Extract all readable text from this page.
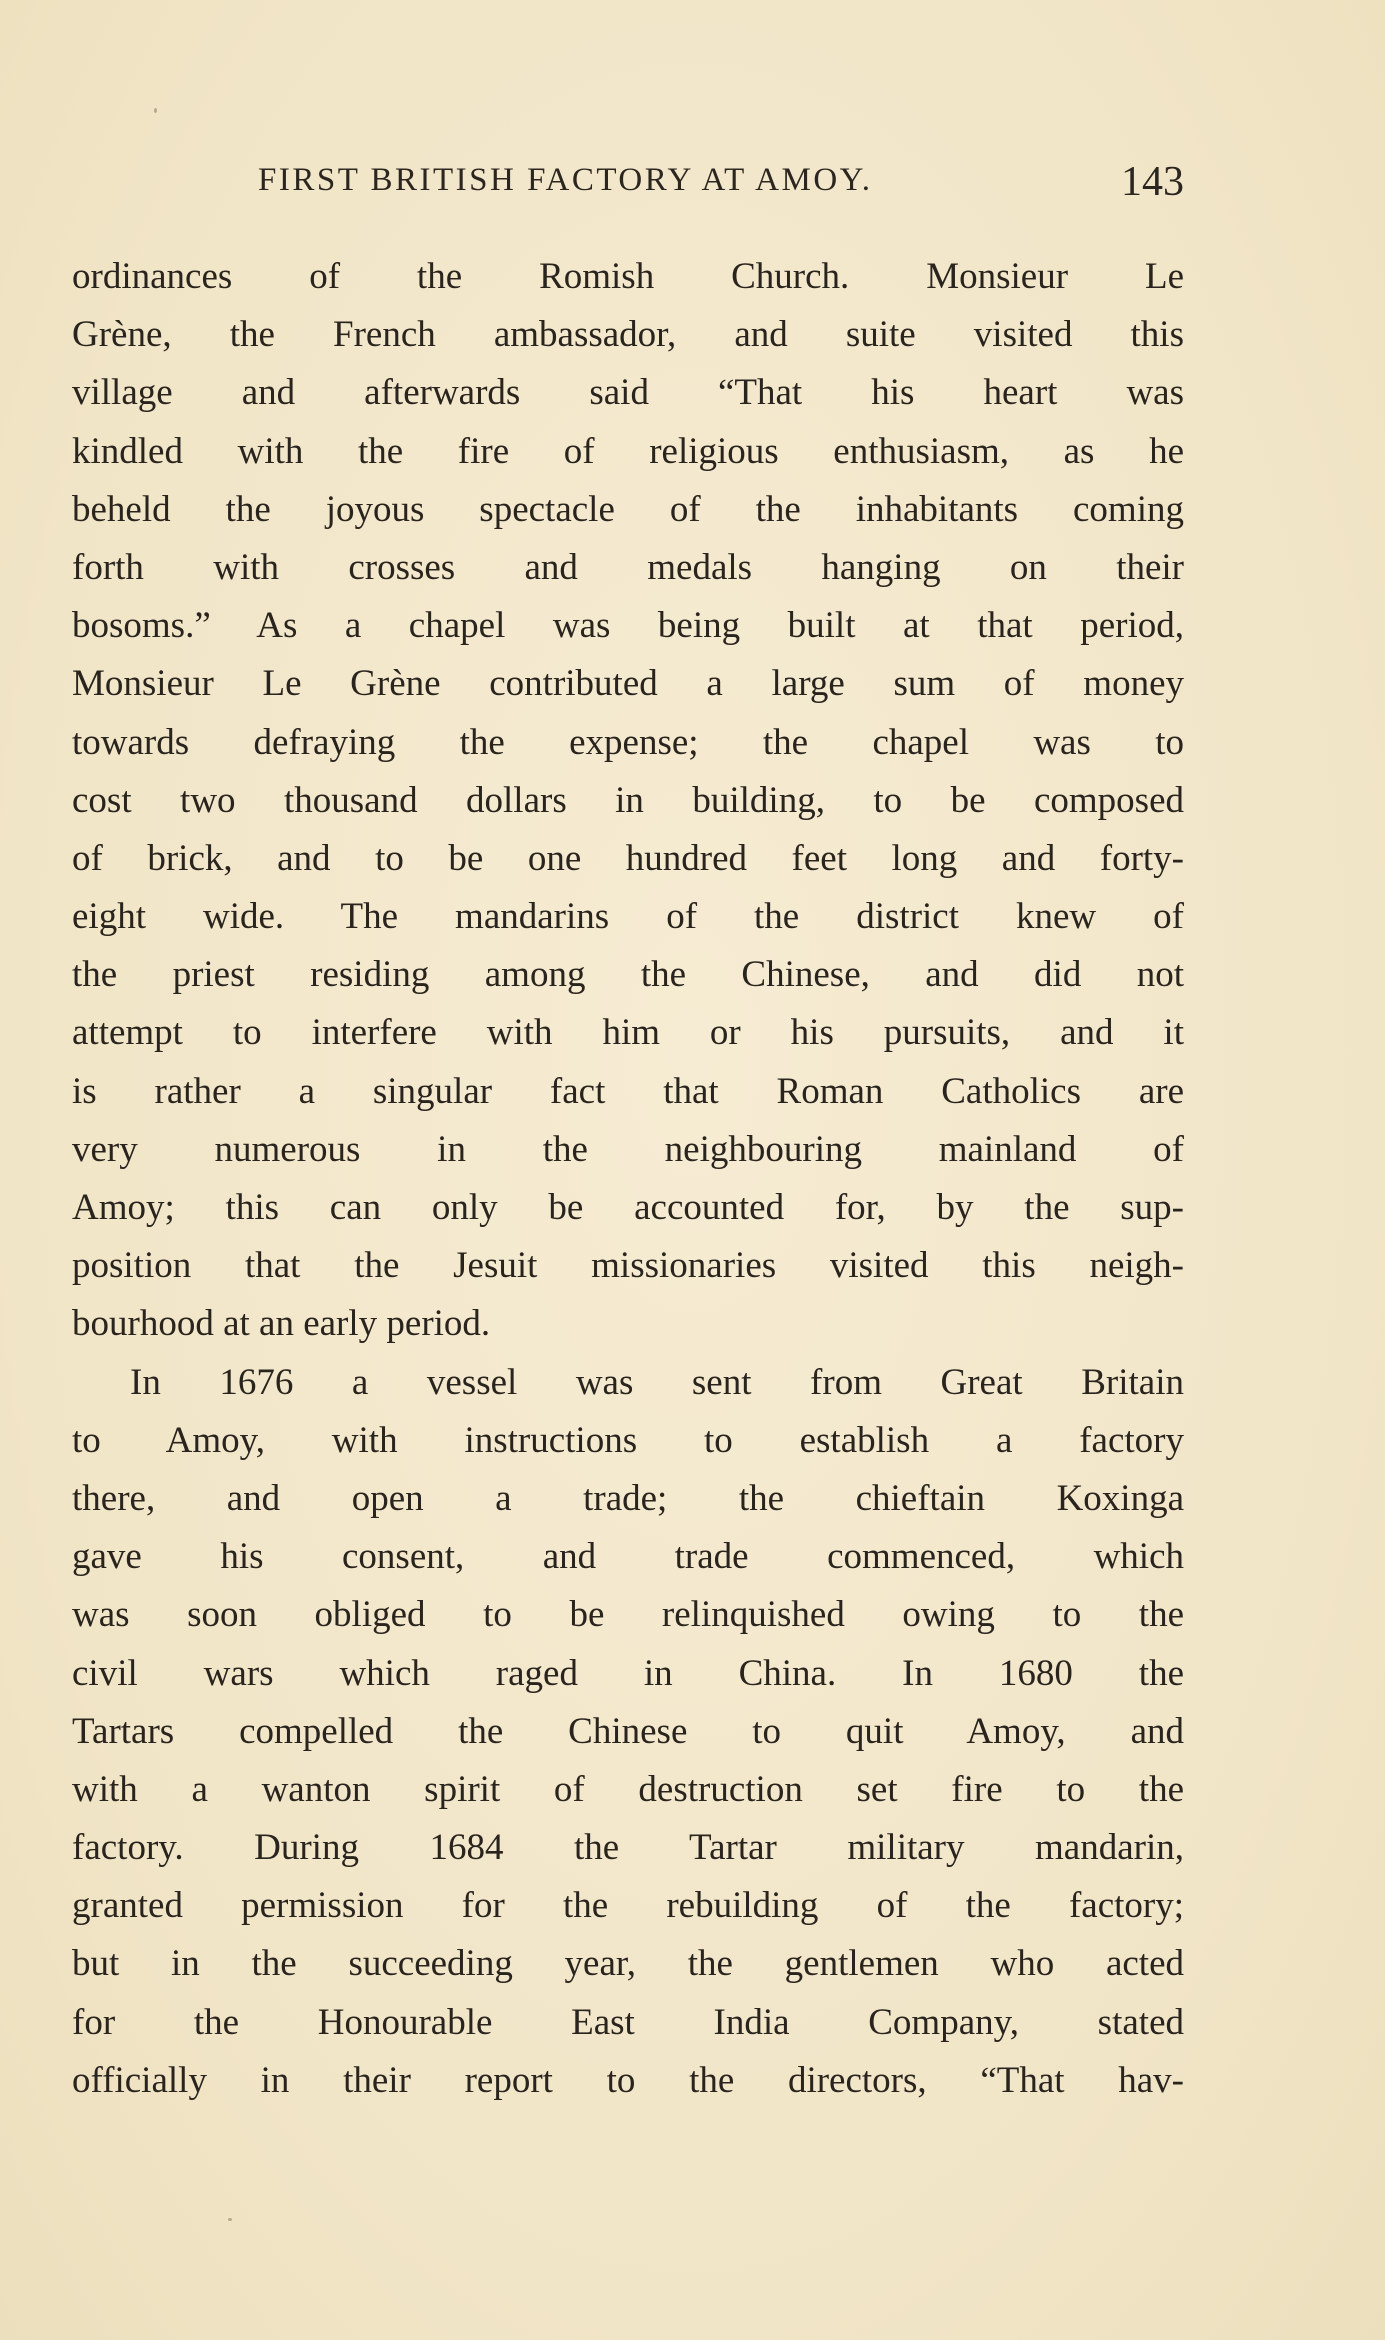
FIRST BRITISH FACTORY AT AMOY.	143
ordinances of the Romish Church. Monsieur Le
Grène, the French ambassador, and suite visited this
village and afterwards said “That his heart was
kindled with the fire of religious enthusiasm, as he
beheld the joyous spectacle of the inhabitants coming
forth with crosses and medals hanging on their
bosoms.” As a chapel was being built at that period,
Monsieur Le Grène contributed a large sum of money
towards defraying the expense; the chapel was to
cost two thousand dollars in building, to be composed
of brick, and to be one hundred feet long and forty-
eight wide. The mandarins of the district knew of
the priest residing among the Chinese, and did not
attempt to interfere with him or his pursuits, and it
is rather a singular fact that Roman Catholics are
very numerous in the neighbouring mainland of
Amoy; this can only be accounted for, by the sup-
position that the Jesuit missionaries visited this neigh-
bourhood at an early period.
In 1676 a vessel was sent from Great Britain
to Amoy, with instructions to establish a factory
there, and open a trade; the chieftain Koxinga
gave his consent, and trade commenced, which
was soon obliged to be relinquished owing to the
civil wars which raged in China. In 1680 the
Tartars compelled the Chinese to quit Amoy, and
with a wanton spirit of destruction set fire to the
factory. During 1684 the Tartar military mandarin,
granted permission for the rebuilding of the factory;
but in the succeeding year, the gentlemen who acted
for the Honourable East India Company, stated
officially in their report to the directors, “That hav-
